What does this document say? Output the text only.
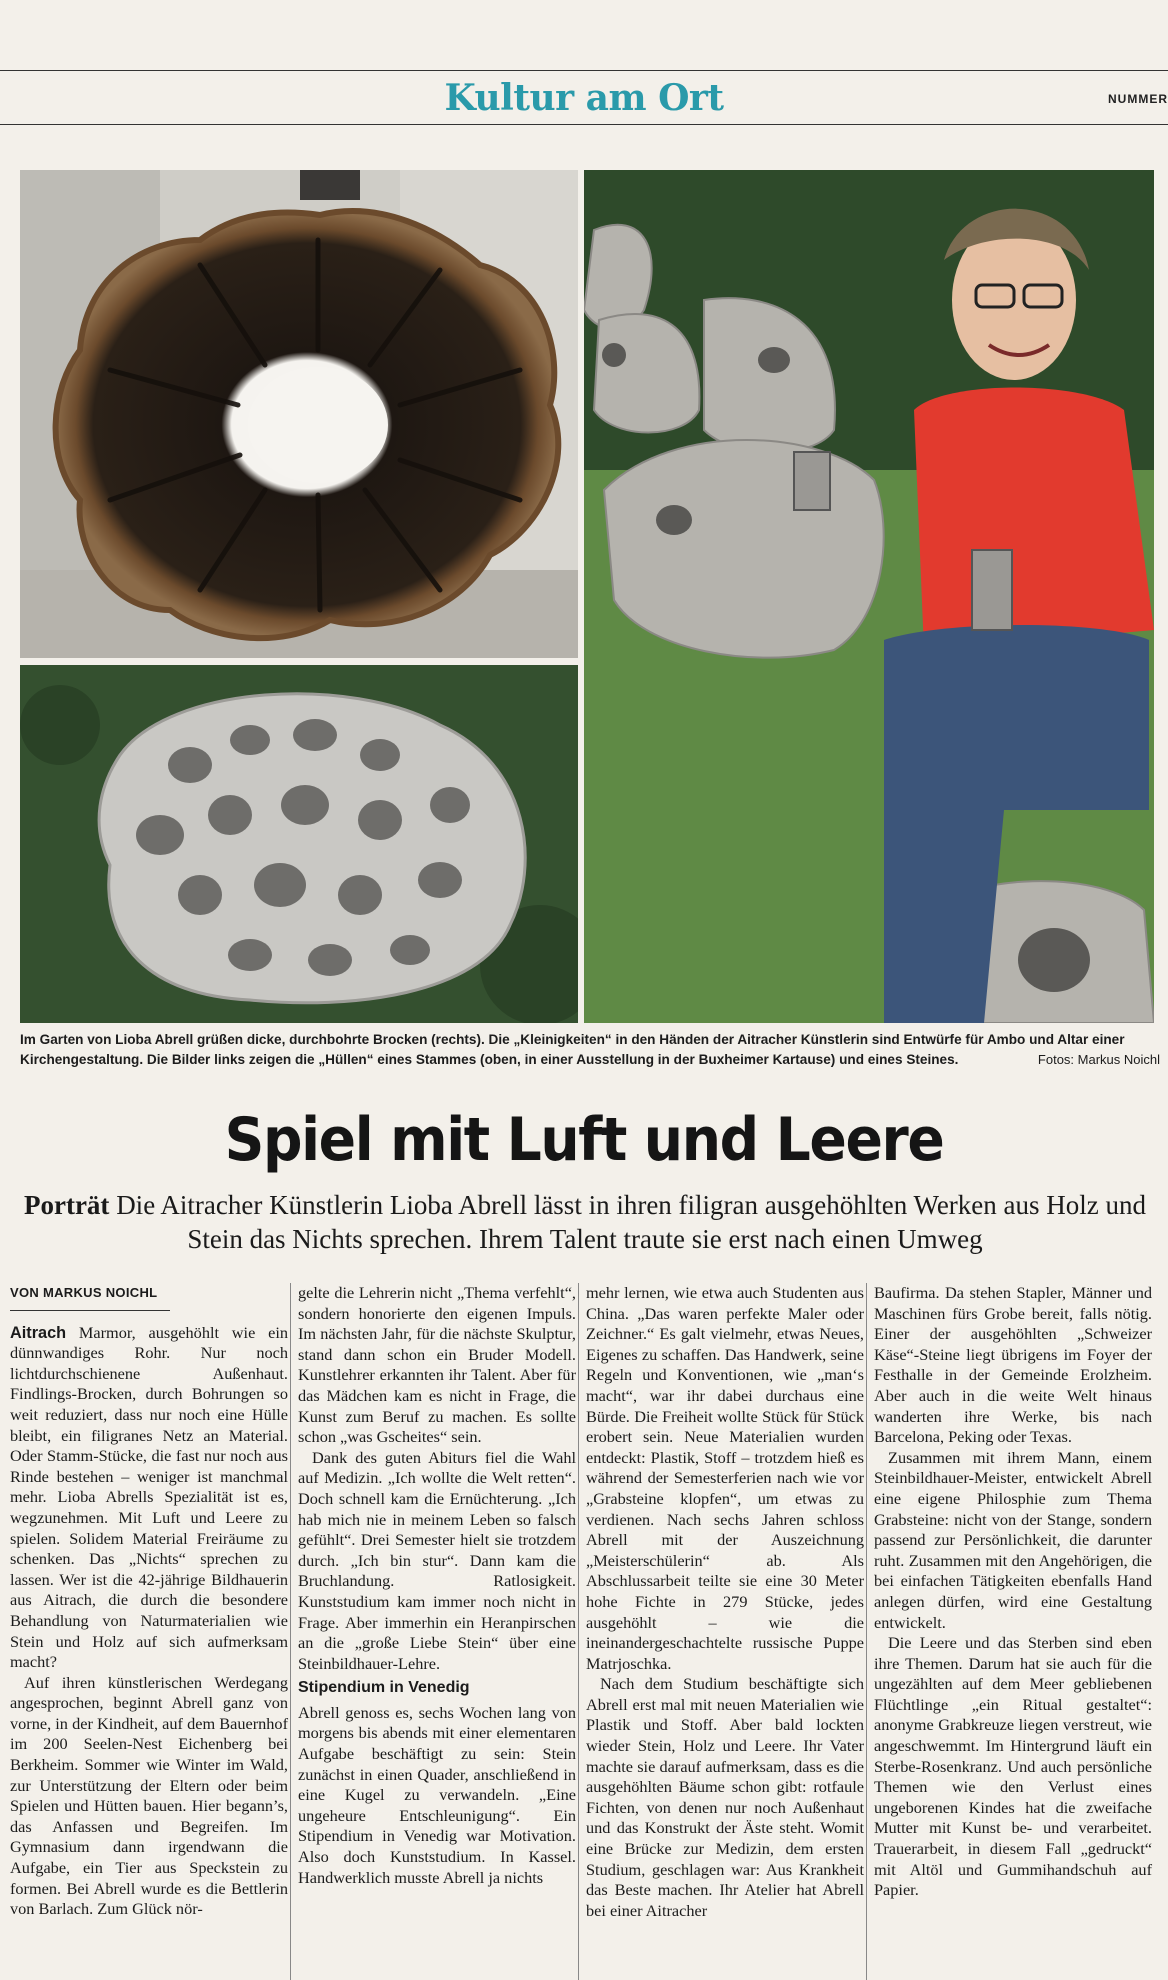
Kultur am Ort	NUMMER
Im Garten von Lioba Abrell grüßen dicke, durchbohrte Brocken (rechts). Die „Kleinigkeiten“ in den Händen der Aitracher Künstlerin sind Entwürfe für Ambo und Altar einer Kirchengestaltung. Die Bilder links zeigen die „Hüllen“ eines Stammes (oben, in einer Ausstellung in der Buxheimer Kartause) und eines Steines.	Fotos: Markus Noichl
Spiel mit Luft und Leere
Porträt Die Aitracher Künstlerin Lioba Abrell lässt in ihren filigran ausgehöhlten Werken aus Holz und Stein das Nichts sprechen. Ihrem Talent traute sie erst nach einen Umweg
VON MARKUS NOICHL

Aitrach Marmor, ausgehöhlt wie ein dünnwandiges Rohr. Nur noch lichtdurchschienene Außenhaut. Findlings-Brocken, durch Bohrungen so weit reduziert, dass nur noch eine Hülle bleibt, ein filigranes Netz an Material. Oder Stamm-Stücke, die fast nur noch aus Rinde bestehen – weniger ist manchmal mehr. Lioba Abrells Spezialität ist es, wegzunehmen. Mit Luft und Leere zu spielen. Solidem Material Freiräume zu schenken. Das „Nichts“ sprechen zu lassen. Wer ist die 42-jährige Bildhauerin aus Aitrach, die durch die besondere Behandlung von Naturmaterialien wie Stein und Holz auf sich aufmerksam macht?

Auf ihren künstlerischen Werdegang angesprochen, beginnt Abrell ganz von vorne, in der Kindheit, auf dem Bauernhof im 200 Seelen-Nest Eichenberg bei Berkheim. Sommer wie Winter im Wald, zur Unterstützung der Eltern oder beim Spielen und Hütten bauen. Hier begann’s, das Anfassen und Begreifen. Im Gymnasium dann irgendwann die Aufgabe, ein Tier aus Speckstein zu formen. Bei Abrell wurde es die Bettlerin von Barlach. Zum Glück nör-

gelte die Lehrerin nicht „Thema verfehlt“, sondern honorierte den eigenen Impuls. Im nächsten Jahr, für die nächste Skulptur, stand dann schon ein Bruder Modell. Kunstlehrer erkannten ihr Talent. Aber für das Mädchen kam es nicht in Frage, die Kunst zum Beruf zu machen. Es sollte schon „was Gscheites“ sein.

Dank des guten Abiturs fiel die Wahl auf Medizin. „Ich wollte die Welt retten“. Doch schnell kam die Ernüchterung. „Ich hab mich nie in meinem Leben so falsch gefühlt“. Drei Semester hielt sie trotzdem durch. „Ich bin stur“. Dann kam die Bruchlandung. Ratlosigkeit. Kunststudium kam immer noch nicht in Frage. Aber immerhin ein Heranpirschen an die „große Liebe Stein“ über eine Steinbildhauer-Lehre.

Stipendium in Venedig

Abrell genoss es, sechs Wochen lang von morgens bis abends mit einer elementaren Aufgabe beschäftigt zu sein: Stein zunächst in einen Quader, anschließend in eine Kugel zu verwandeln. „Eine ungeheure Entschleunigung“. Ein Stipendium in Venedig war Motivation. Also doch Kunststudium. In Kassel. Handwerklich musste Abrell ja nichts

mehr lernen, wie etwa auch Studenten aus China. „Das waren perfekte Maler oder Zeichner.“ Es galt vielmehr, etwas Neues, Eigenes zu schaffen. Das Handwerk, seine Regeln und Konventionen, wie „man‘s macht“, war ihr dabei durchaus eine Bürde. Die Freiheit wollte Stück für Stück erobert sein. Neue Materialien wurden entdeckt: Plastik, Stoff – trotzdem hieß es während der Semesterferien nach wie vor „Grabsteine klopfen“, um etwas zu verdienen. Nach sechs Jahren schloss Abrell mit der Auszeichnung „Meisterschülerin“ ab. Als Abschlussarbeit teilte sie eine 30 Meter hohe Fichte in 279 Stücke, jedes ausgehöhlt – wie die ineinandergeschachtelte russische Puppe Matrjoschka.

Nach dem Studium beschäftigte sich Abrell erst mal mit neuen Materialien wie Plastik und Stoff. Aber bald lockten wieder Stein, Holz und Leere. Ihr Vater machte sie darauf aufmerksam, dass es die ausgehöhlten Bäume schon gibt: rotfaule Fichten, von denen nur noch Außenhaut und das Konstrukt der Äste steht. Womit eine Brücke zur Medizin, dem ersten Studium, geschlagen war: Aus Krankheit das Beste machen. Ihr Atelier hat Abrell bei einer Aitracher

Baufirma. Da stehen Stapler, Männer und Maschinen fürs Grobe bereit, falls nötig. Einer der ausgehöhlten „Schweizer Käse“-Steine liegt übrigens im Foyer der Festhalle in der Gemeinde Erolzheim. Aber auch in die weite Welt hinaus wanderten ihre Werke, bis nach Barcelona, Peking oder Texas.

Zusammen mit ihrem Mann, einem Steinbildhauer-Meister, entwickelt Abrell eine eigene Philosphie zum Thema Grabsteine: nicht von der Stange, sondern passend zur Persönlichkeit, die darunter ruht. Zusammen mit den Angehörigen, die bei einfachen Tätigkeiten ebenfalls Hand anlegen dürfen, wird eine Gestaltung entwickelt.

Die Leere und das Sterben sind eben ihre Themen. Darum hat sie auch für die ungezählten auf dem Meer gebliebenen Flüchtlinge „ein Ritual gestaltet“: anonyme Grabkreuze liegen verstreut, wie angeschwemmt. Im Hintergrund läuft ein Sterbe-Rosenkranz. Und auch persönliche Themen wie den Verlust eines ungeborenen Kindes hat die zweifache Mutter mit Kunst be- und verarbeitet. Trauerarbeit, in diesem Fall „gedruckt“ mit Altöl und Gummihandschuh auf Papier.
